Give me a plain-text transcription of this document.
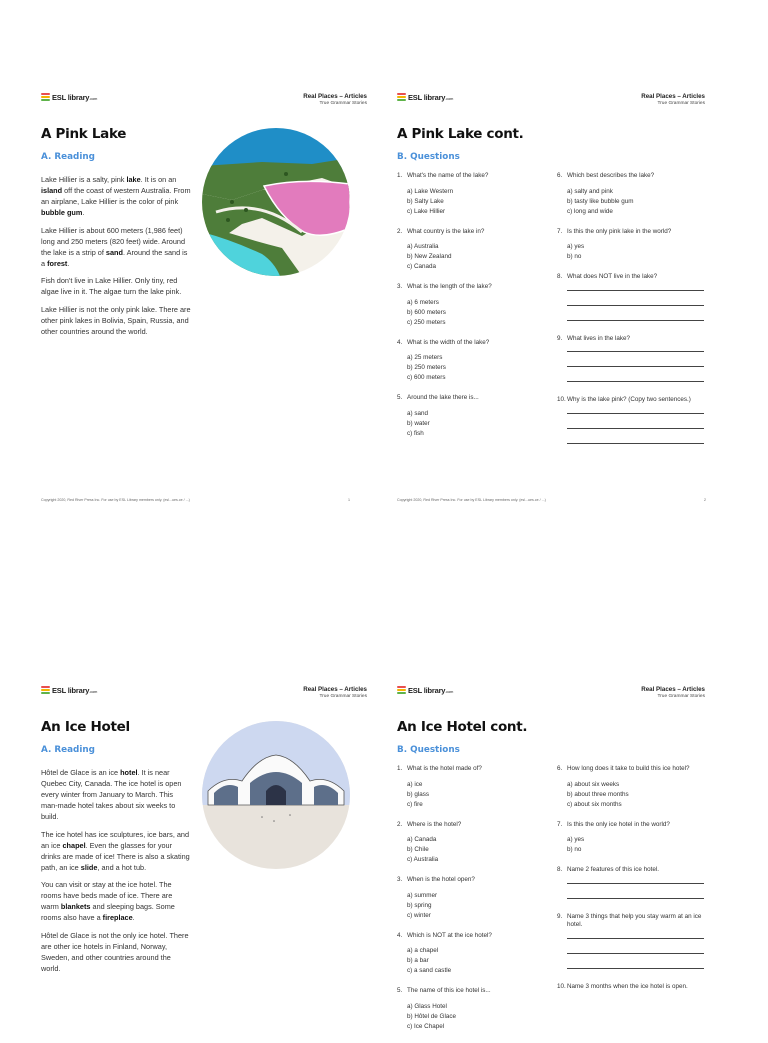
ESL library.com	Real Places – Articles
True Grammar Stories
A Pink Lake
A. Reading

Lake Hillier is a salty, pink lake. It is on an island off the coast of western Australia. From an airplane, Lake Hillier is the color of pink bubble gum.

Lake Hillier is about 600 meters (1,986 feet) long and 250 meters (820 feet) wide. Around the lake is a strip of sand. Around the sand is a forest.

Fish don't live in Lake Hillier. Only tiny, red algae live in it. The algae turn the lake pink.

Lake Hillier is not the only pink lake. There are other pink lakes in Bolivia, Spain, Russia, and other countries around the world.

Copyright 2020, Red River Press Inc. For use by ESL Library members only. (esl...ues.ce / ...)	1
ESL library.com	Real Places – Articles
True Grammar Stories
A Pink Lake cont.
B. Questions
1. What's the name of the lake?
a) Lake Western
b) Salty Lake
c) Lake Hillier
2. What country is the lake in?
a) Australia
b) New Zealand
c) Canada
3. What is the length of the lake?
a) 6 meters
b) 600 meters
c) 250 meters
4. What is the width of the lake?
a) 25 meters
b) 250 meters
c) 600 meters
5. Around the lake there is...
a) sand
b) water
c) fish
6. Which best describes the lake?
a) salty and pink
b) tasty like bubble gum
c) long and wide
7. Is this the only pink lake in the world?
a) yes
b) no
8. What does NOT live in the lake?
9. What lives in the lake?
10. Why is the lake pink? (Copy two sentences.)
Copyright 2020, Red River Press Inc. For use by ESL Library members only. (esl...ues.ce / ...)	2
ESL library.com	Real Places – Articles
True Grammar Stories
An Ice Hotel
A. Reading

Hôtel de Glace is an ice hotel. It is near Quebec City, Canada. The ice hotel is open every winter from January to March. This man-made hotel takes about six weeks to build.

The ice hotel has ice sculptures, ice bars, and an ice chapel. Even the glasses for your drinks are made of ice! There is also a skating path, an ice slide, and a hot tub.

You can visit or stay at the ice hotel. The rooms have beds made of ice. There are warm blankets and sleeping bags. Some rooms also have a fireplace.

Hôtel de Glace is not the only ice hotel. There are other ice hotels in Finland, Norway, Sweden, and other countries around the world.

ESL library.com	Real Places – Articles
True Grammar Stories
An Ice Hotel cont.
B. Questions
1. What is the hotel made of?
a) ice
b) glass
c) fire
2. Where is the hotel?
a) Canada
b) Chile
c) Australia
3. When is the hotel open?
a) summer
b) spring
c) winter
4. Which is NOT at the ice hotel?
a) a chapel
b) a bar
c) a sand castle
5. The name of this ice hotel is...
a) Glass Hotel
b) Hôtel de Glace
c) Ice Chapel
6. How long does it take to build this ice hotel?
a) about six weeks
b) about three months
c) about six months
7. Is this the only ice hotel in the world?
a) yes
b) no
8. Name 2 features of this ice hotel.
9. Name 3 things that help you stay warm at an ice hotel.
10. Name 3 months when the ice hotel is open.
